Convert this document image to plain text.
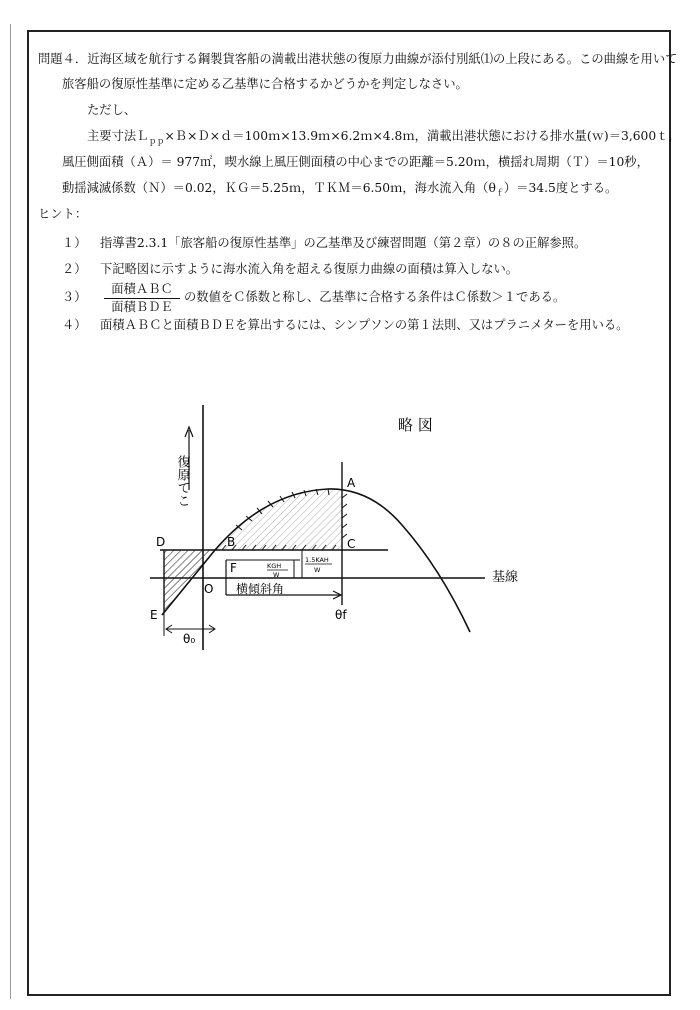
問題４．近海区域を航行する鋼製貨客船の満載出港状態の復原力曲線が添付別紙⑴の上段にある。この曲線を用いて
旅客船の復原性基準に定める乙基準に合格するかどうかを判定しなさい。
ただし、
主要寸法Ｌ$_{pp}$×Ｂ×Ｄ×ｄ＝100ｍ×13.9ｍ×6.2ｍ×4.8ｍ，満載出港状態における排水量(ｗ)＝3,600ｔ,
風圧側面積（Ａ）＝ 977㎡，喫水線上風圧側面積の中心までの距離＝5.20ｍ，横揺れ周期（Ｔ）＝10秒，
動揺減滅係数（Ｎ）＝0.02，ＫＧ＝5.25ｍ，ＴＫＭ＝6.50ｍ，海水流入角$(\theta_f)=34.5$度とする。
ヒント：
１） 指導書2.3.1「旅客船の復原性基準」の乙基準及び練習問題（第２章）の８の正解参照。
２） 下記略図に示すように海水流入角を超える復原力曲線の面積は算入しない。
３）
面積ＡＢＣ
面積ＢＤＥ
の数値をＣ係数と称し、乙基準に合格する条件はＣ係数＞１である。
４） 面積ＡＢＣと面積ＢＤＥを算出するには、シンプソンの第１法則、又はプラニメターを用いる。
略 図
復原てこ
基線
横傾斜角
KGH
W
1.5KAH
W
θ₀
θf
A
B	C
D
E
F
O
